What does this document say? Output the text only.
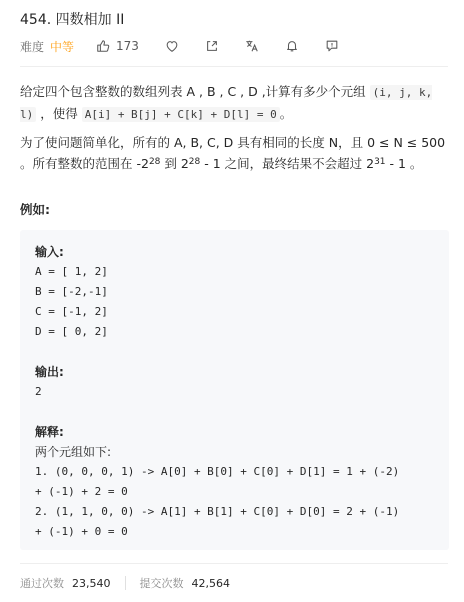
454. 四数相加 II
难度 中等	173
给定四个包含整数的数组列表 A , B , C , D ,计算有多少个元组 (i, j, k, l) ，使得 A[i] + B[j] + C[k] + D[l] = 0 。
为了使问题简单化，所有的 A, B, C, D 具有相同的长度 N，且 0 ≤ N ≤ 500 。所有整数的范围在 $-2^{28}$ 到 $2^{28} - 1$ 之间，最终结果不会超过 $2^{31} - 1$ 。
例如:
输入:
A = [ 1, 2]
B = [-2,-1]
C = [-1, 2]
D = [ 0, 2]
输出:
2
解释:
两个元组如下:
1. (0, 0, 0, 1) -> A[0] + B[0] + C[0] + D[1] = 1 + (-2)
+ (-1) + 2 = 0
2. (1, 1, 0, 0) -> A[1] + B[1] + C[0] + D[0] = 2 + (-1)
+ (-1) + 0 = 0
通过次数 23,540	提交次数 42,564
